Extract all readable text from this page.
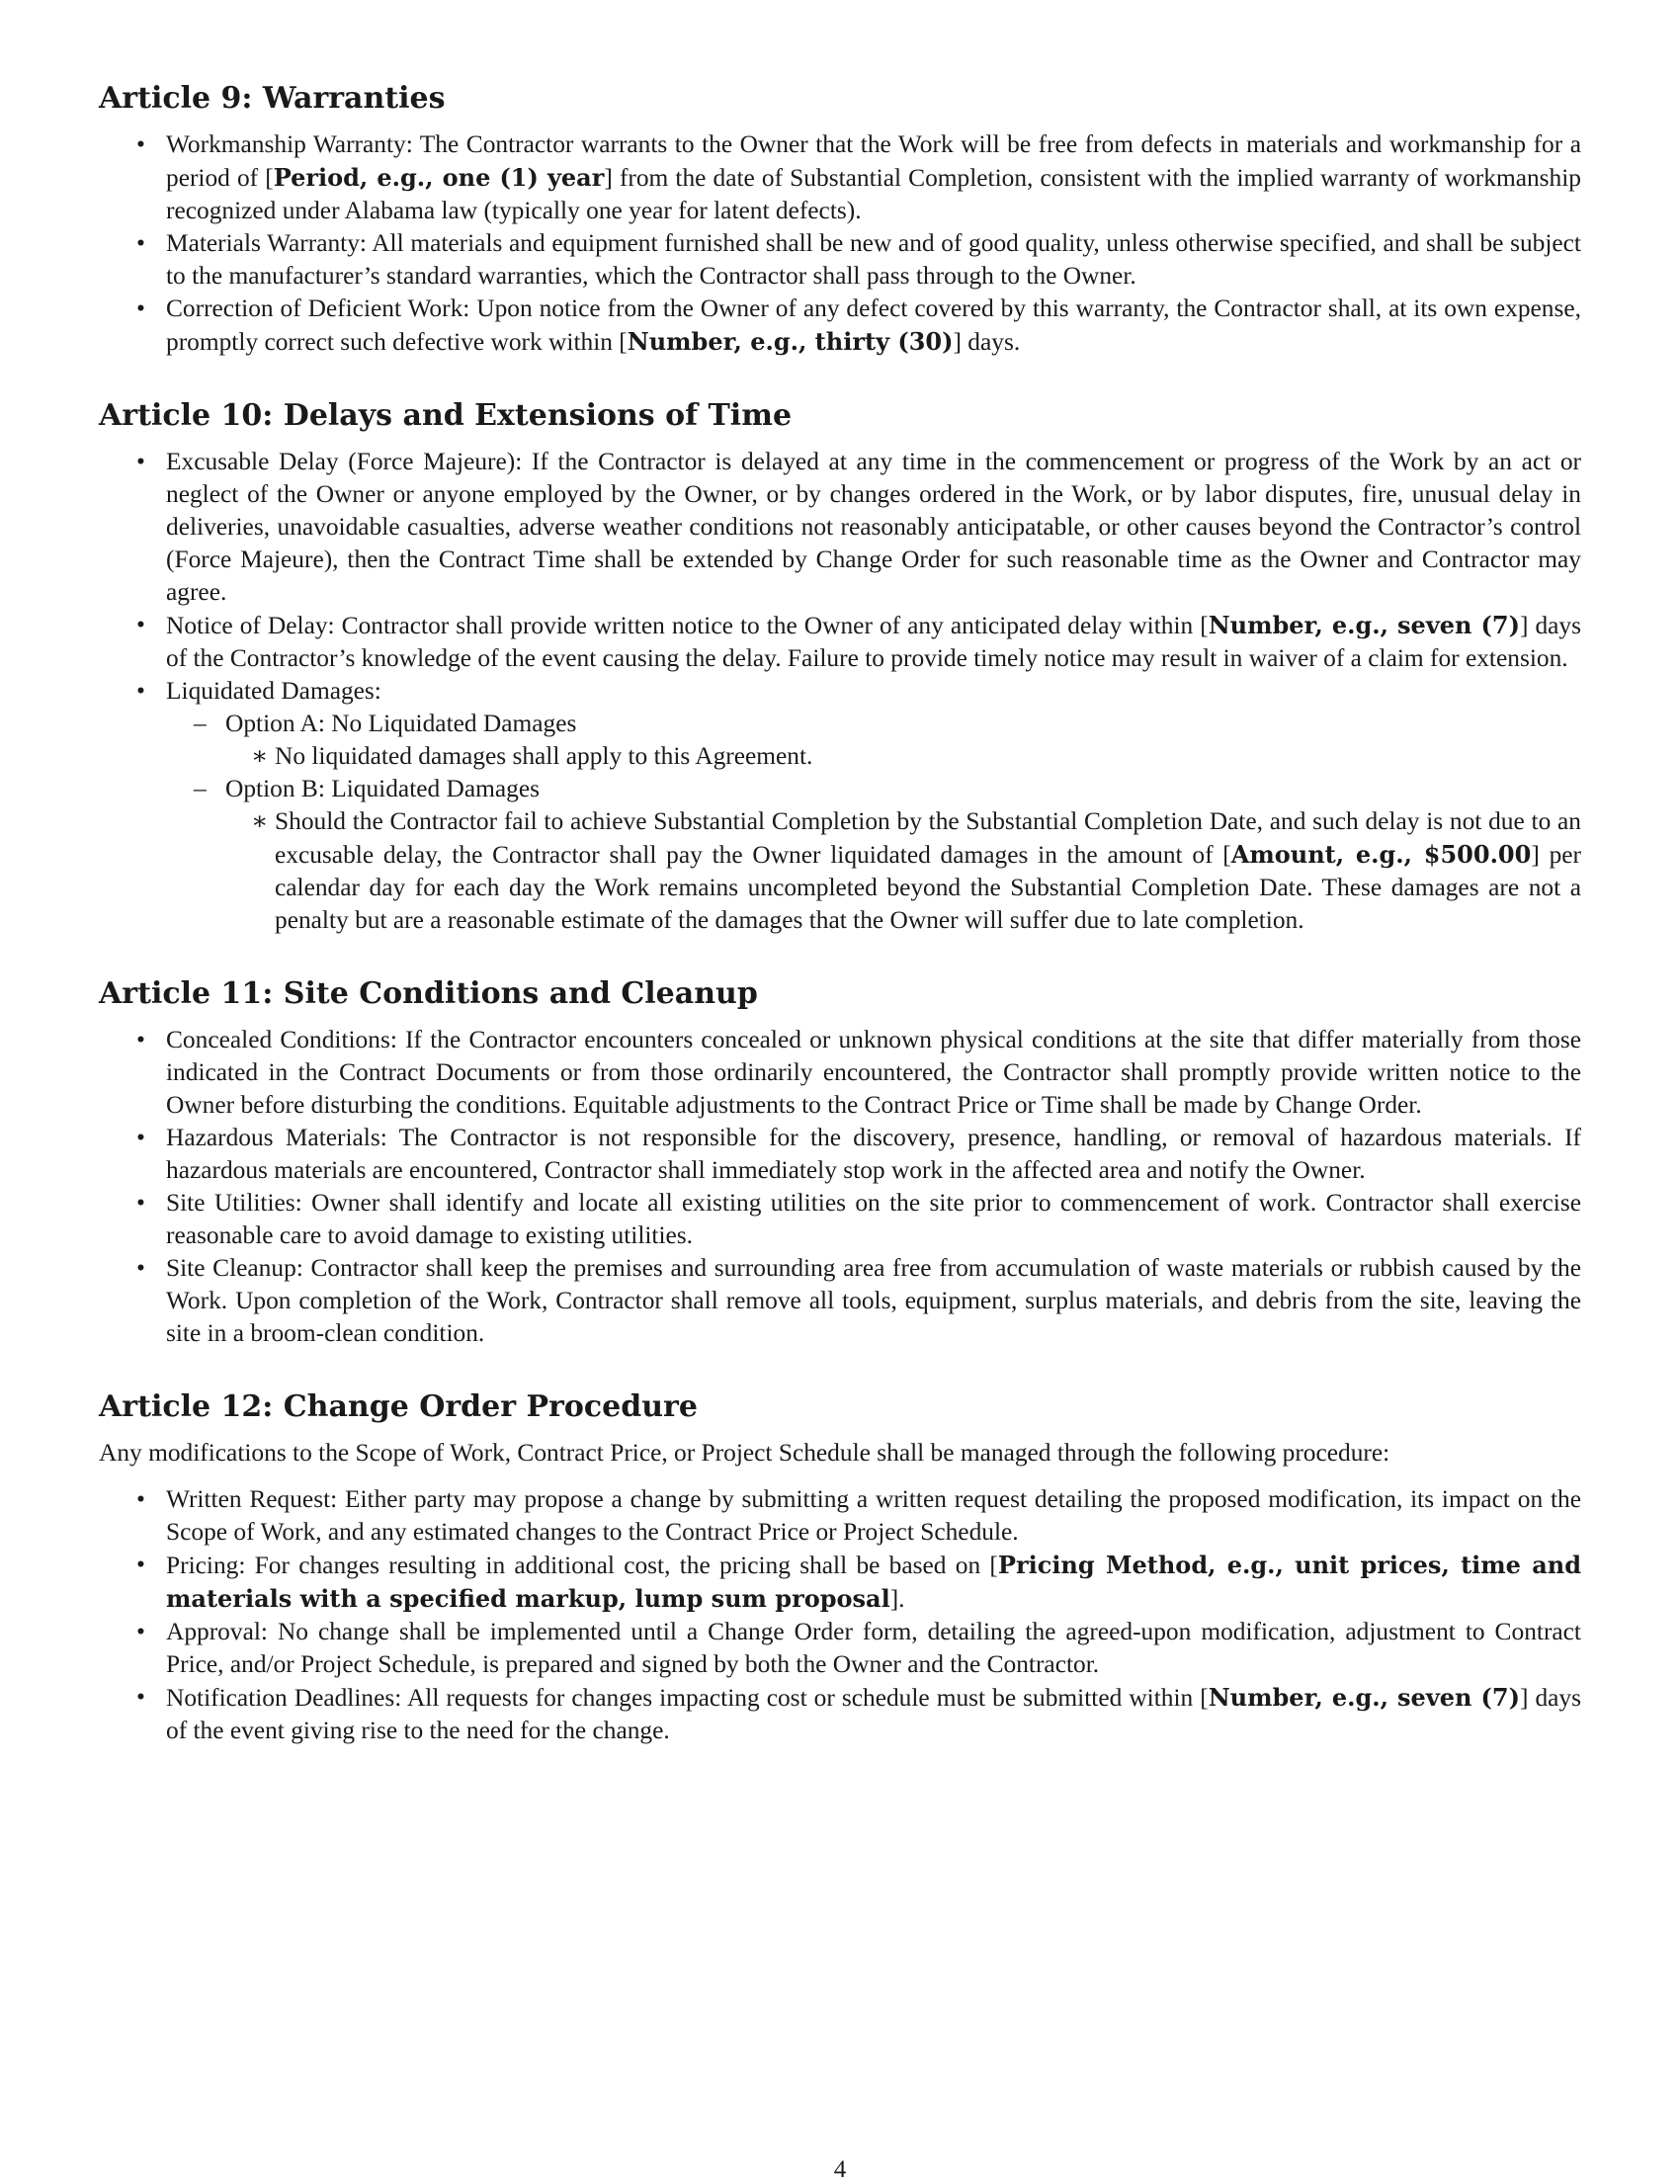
Article 9: Warranties
• Workmanship Warranty: The Contractor warrants to the Owner that the Work will be free from defects in materials and workmanship for a period of [Period, e.g., one (1) year] from the date of Substantial Completion, consistent with the implied warranty of workmanship recognized under Alabama law (typically one year for latent defects).
• Materials Warranty: All materials and equipment furnished shall be new and of good quality, unless otherwise specified, and shall be subject to the manufacturer’s standard warranties, which the Contractor shall pass through to the Owner.
• Correction of Deficient Work: Upon notice from the Owner of any defect covered by this warranty, the Contractor shall, at its own expense, promptly correct such defective work within [Number, e.g., thirty (30)] days.
Article 10: Delays and Extensions of Time
• Excusable Delay (Force Majeure): If the Contractor is delayed at any time in the commencement or progress of the Work by an act or neglect of the Owner or anyone employed by the Owner, or by changes ordered in the Work, or by labor disputes, fire, unusual delay in deliveries, unavoidable casualties, adverse weather conditions not reasonably anticipatable, or other causes beyond the Contractor’s control (Force Majeure), then the Contract Time shall be extended by Change Order for such reasonable time as the Owner and Contractor may agree.
• Notice of Delay: Contractor shall provide written notice to the Owner of any anticipated delay within [Number, e.g., seven (7)] days of the Contractor’s knowledge of the event causing the delay. Failure to provide timely notice may result in waiver of a claim for extension.
• Liquidated Damages:
– Option A: No Liquidated Damages
∗ No liquidated damages shall apply to this Agreement.
– Option B: Liquidated Damages
∗ Should the Contractor fail to achieve Substantial Completion by the Substantial Completion Date, and such delay is not due to an excusable delay, the Contractor shall pay the Owner liquidated damages in the amount of [Amount, e.g., $500.00] per calendar day for each day the Work remains uncompleted beyond the Substantial Completion Date. These damages are not a penalty but are a reasonable estimate of the damages that the Owner will suffer due to late completion.
Article 11: Site Conditions and Cleanup
• Concealed Conditions: If the Contractor encounters concealed or unknown physical conditions at the site that differ materially from those indicated in the Contract Documents or from those ordinarily encountered, the Contractor shall promptly provide written notice to the Owner before disturbing the conditions. Equitable adjustments to the Contract Price or Time shall be made by Change Order.
• Hazardous Materials: The Contractor is not responsible for the discovery, presence, handling, or removal of hazardous materials. If hazardous materials are encountered, Contractor shall immediately stop work in the affected area and notify the Owner.
• Site Utilities: Owner shall identify and locate all existing utilities on the site prior to commencement of work. Contractor shall exercise reasonable care to avoid damage to existing utilities.
• Site Cleanup: Contractor shall keep the premises and surrounding area free from accumulation of waste materials or rubbish caused by the Work. Upon completion of the Work, Contractor shall remove all tools, equipment, surplus materials, and debris from the site, leaving the site in a broom-clean condition.
Article 12: Change Order Procedure

Any modifications to the Scope of Work, Contract Price, or Project Schedule shall be managed through the following procedure:

• Written Request: Either party may propose a change by submitting a written request detailing the proposed modification, its impact on the Scope of Work, and any estimated changes to the Contract Price or Project Schedule.
• Pricing: For changes resulting in additional cost, the pricing shall be based on [Pricing Method, e.g., unit prices, time and materials with a specified markup, lump sum proposal].
• Approval: No change shall be implemented until a Change Order form, detailing the agreed-upon modification, adjustment to Contract Price, and/or Project Schedule, is prepared and signed by both the Owner and the Contractor.
• Notification Deadlines: All requests for changes impacting cost or schedule must be submitted within [Number, e.g., seven (7)] days of the event giving rise to the need for the change.
4
